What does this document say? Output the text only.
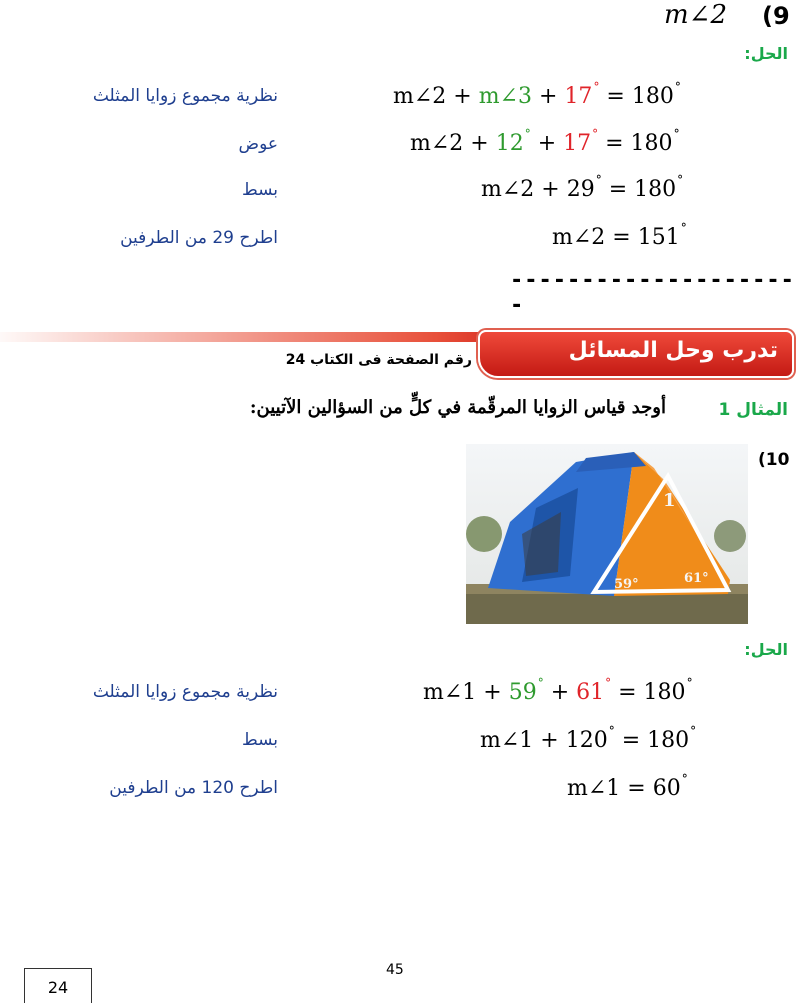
m∠2 (9
الحل:
m∠2 + m∠3 + 17° = 180°
نظرية مجموع زوايا المثلث
m∠2 + 12° + 17° = 180°
عوض
m∠2 + 29° = 180°
بسط
m∠2 = 151°
اطرح 29 من الطرفين
---------------------
تدرب وحل المسائل
رقم الصفحة فى الكتاب 24
المثال 1
أوجد قياس الزوايا المرقّمة في كلٍّ من السؤالين الآتيين:
(10
1
59°	61°
الحل:
m∠1 + 59° + 61° = 180°
نظرية مجموع زوايا المثلث
m∠1 + 120° = 180°
بسط
m∠1 = 60°
اطرح 120 من الطرفين
45
24
